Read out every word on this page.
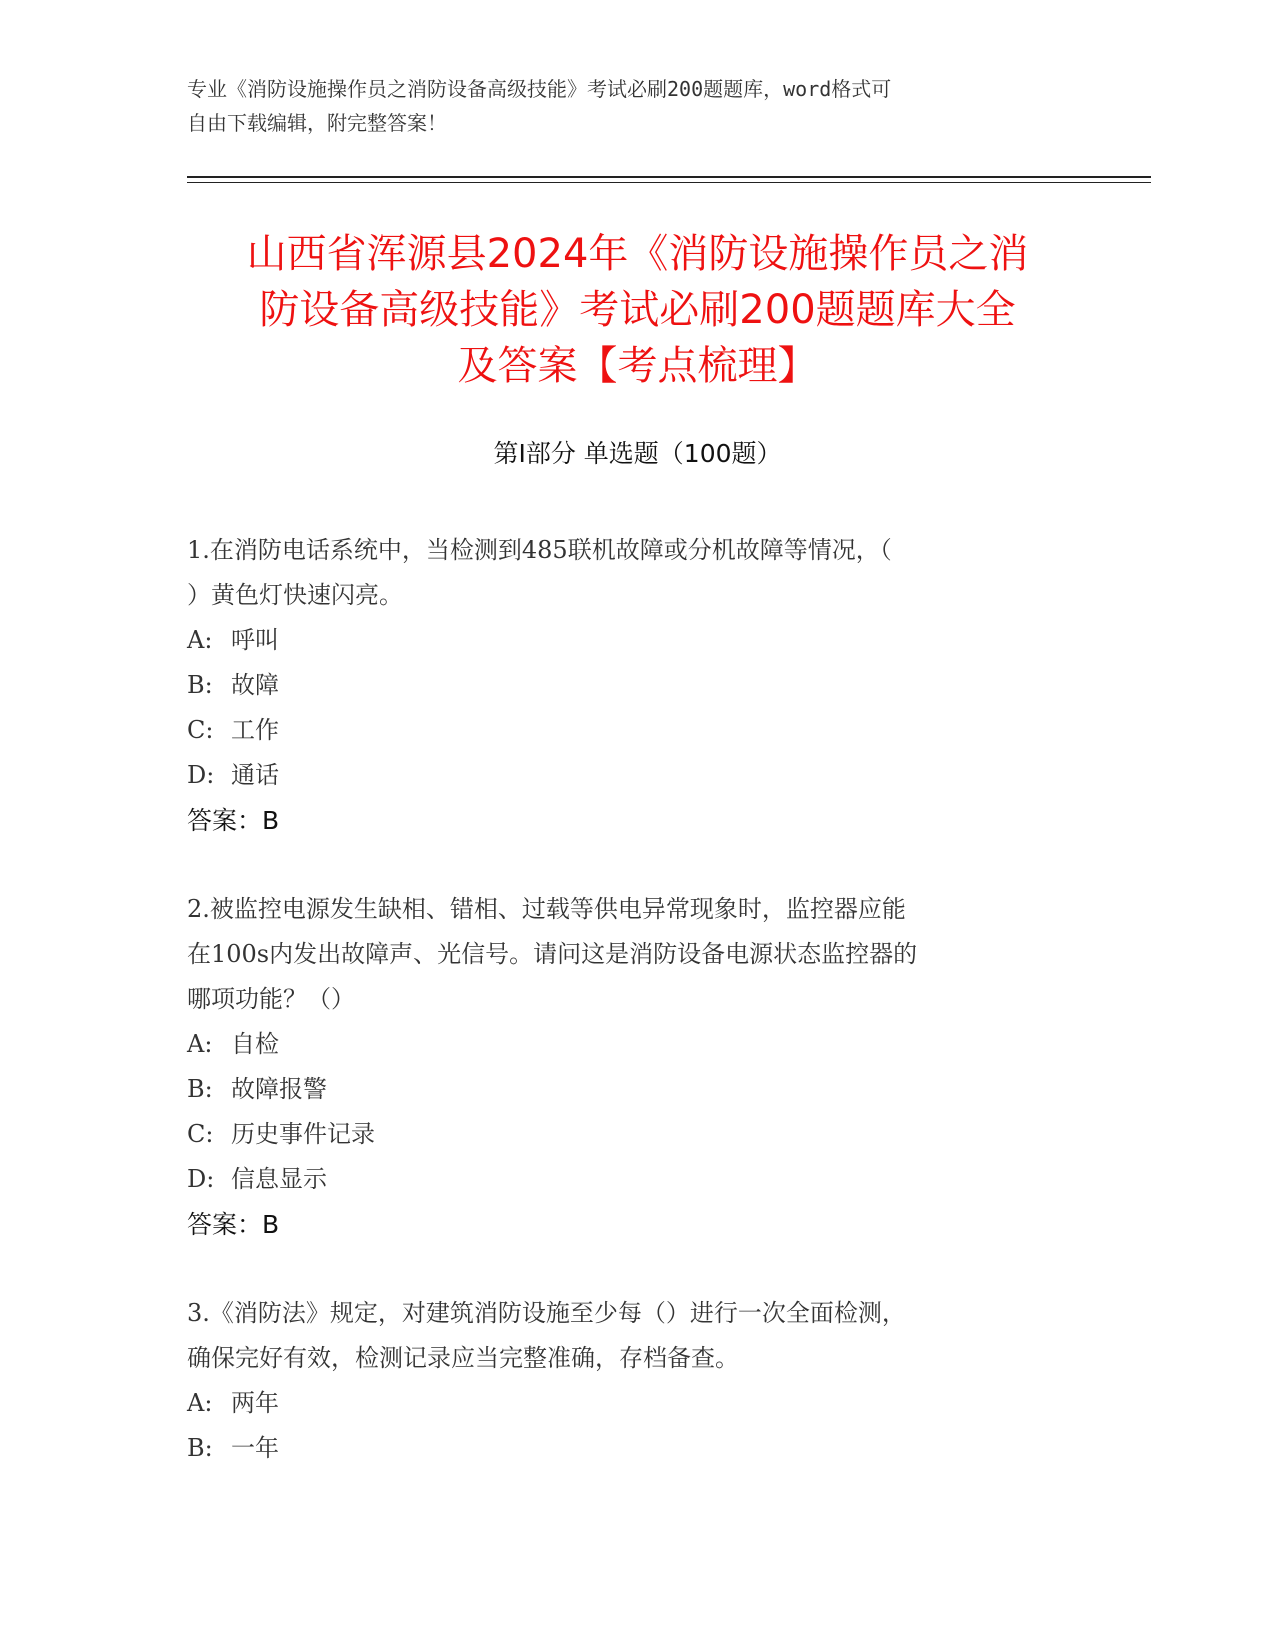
专业《消防设施操作员之消防设备高级技能》考试必刷200题题库，word格式可
自由下载编辑，附完整答案！
山西省浑源县2024年《消防设施操作员之消
防设备高级技能》考试必刷200题题库大全
及答案【考点梳理】
第Ⅰ部分 单选题（100题）
1.在消防电话系统中，当检测到485联机故障或分机故障等情况，（
）黄色灯快速闪亮。
A: 呼叫
B: 故障
C: 工作
D: 通话
答案：B
2.被监控电源发生缺相、错相、过载等供电异常现象时，监控器应能
在100s内发出故障声、光信号。请问这是消防设备电源状态监控器的
哪项功能？（）
A: 自检
B: 故障报警
C: 历史事件记录
D: 信息显示
答案：B
3.《消防法》规定，对建筑消防设施至少每（）进行一次全面检测，
确保完好有效，检测记录应当完整准确，存档备查。
A: 两年
B: 一年
